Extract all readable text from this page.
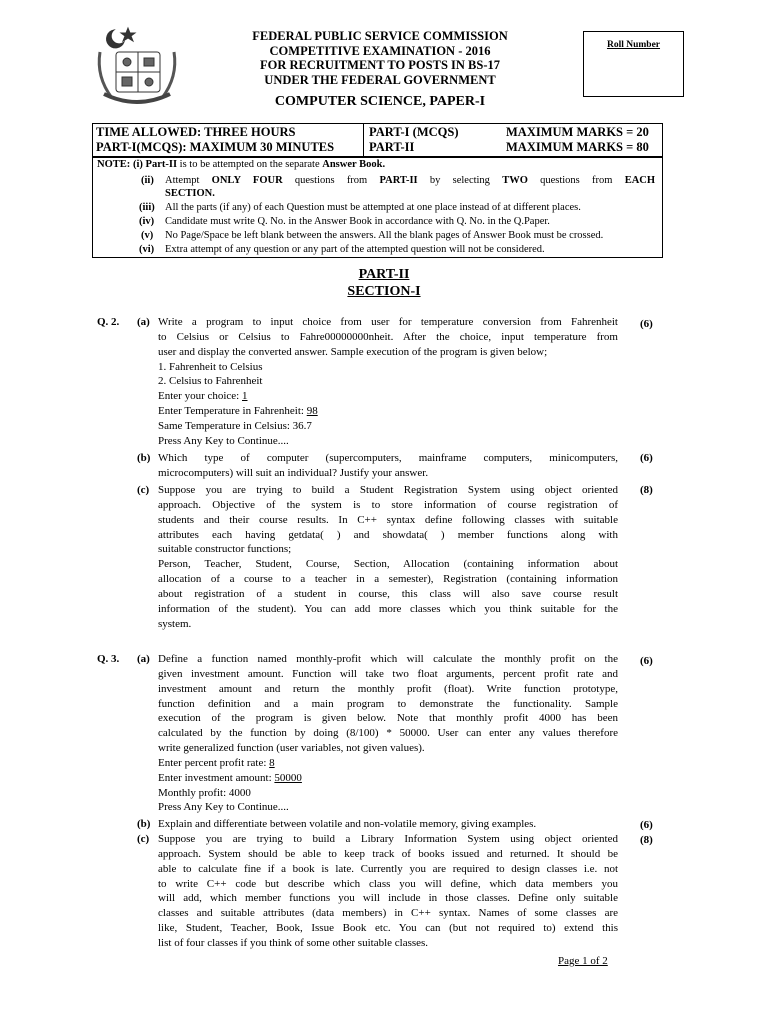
FEDERAL PUBLIC SERVICE COMMISSION
COMPETITIVE EXAMINATION - 2016
FOR RECRUITMENT TO POSTS IN BS-17
UNDER THE FEDERAL GOVERNMENT
COMPUTER SCIENCE, PAPER-I
Roll Number
TIME ALLOWED: THREE HOURS	PART-I (MCQS)	MAXIMUM MARKS = 20
PART-I(MCQS): MAXIMUM 30 MINUTES	PART-II	MAXIMUM MARKS = 80
NOTE: (i) Part-II is to be attempted on the separate Answer Book.
(ii) Attempt ONLY FOUR questions from PART-II by selecting TWO questions from EACH
SECTION.
(iii) All the parts (if any) of each Question must be attempted at one place instead of at different places.
(iv) Candidate must write Q. No. in the Answer Book in accordance with Q. No. in the Q.Paper.
(v) No Page/Space be left blank between the answers. All the blank pages of Answer Book must be crossed.
(vi) Extra attempt of any question or any part of the attempted question will not be considered.
PART-II
SECTION-I
Q. 2. (a)	(6)
Write a program to input choice from user for temperature conversion from Fahrenheit
to Celsius or Celsius to Fahre00000000nheit. After the choice, input temperature from
user and display the converted answer. Sample execution of the program is given below;
1. Fahrenheit to Celsius
2. Celsius to Fahrenheit
Enter your choice: 1
Enter Temperature in Fahrenheit: 98
Same Temperature in Celsius: 36.7
Press Any Key to Continue....
(b)	(6)
Which type of computer (supercomputers, mainframe computers, minicomputers,
microcomputers) will suit an individual? Justify your answer.
(c)	(8)
Suppose you are trying to build a Student Registration System using object oriented
approach. Objective of the system is to store information of course registration of
students and their course results. In C++ syntax define following classes with suitable
attributes each having getdata( ) and showdata( ) member functions along with
suitable constructor functions;
Person, Teacher, Student, Course, Section, Allocation (containing information about
allocation of a course to a teacher in a semester), Registration (containing information
about registration of a student in course, this class will also save course result
information of the student). You can add more classes which you think suitable for the
system.
Q. 3. (a)	(6)
Define a function named monthly-profit which will calculate the monthly profit on the
given investment amount. Function will take two float arguments, percent profit rate and
investment amount and return the monthly profit (float). Write function prototype,
function definition and a main program to demonstrate the functionality. Sample
execution of the program is given below. Note that monthly profit 4000 has been
calculated by the function by doing (8/100) * 50000. User can enter any values therefore
write generalized function (user variables, not given values).
Enter percent profit rate: 8
Enter investment amount: 50000
Monthly profit: 4000
Press Any Key to Continue....
(b)	(6)
Explain and differentiate between volatile and non-volatile memory, giving examples.
(c)	(8)
Suppose you are trying to build a Library Information System using object oriented
approach. System should be able to keep track of books issued and returned. It should be
able to calculate fine if a book is late. Currently you are required to design classes i.e. not
to write C++ code but describe which class you will define, which data members you
will add, which member functions you will include in those classes. Define only suitable
classes and suitable attributes (data members) in C++ syntax. Names of some classes are
like, Student, Teacher, Book, Issue Book etc. You can (but not required to) extend this
list of four classes if you think of some other suitable classes.
Page 1 of 2
